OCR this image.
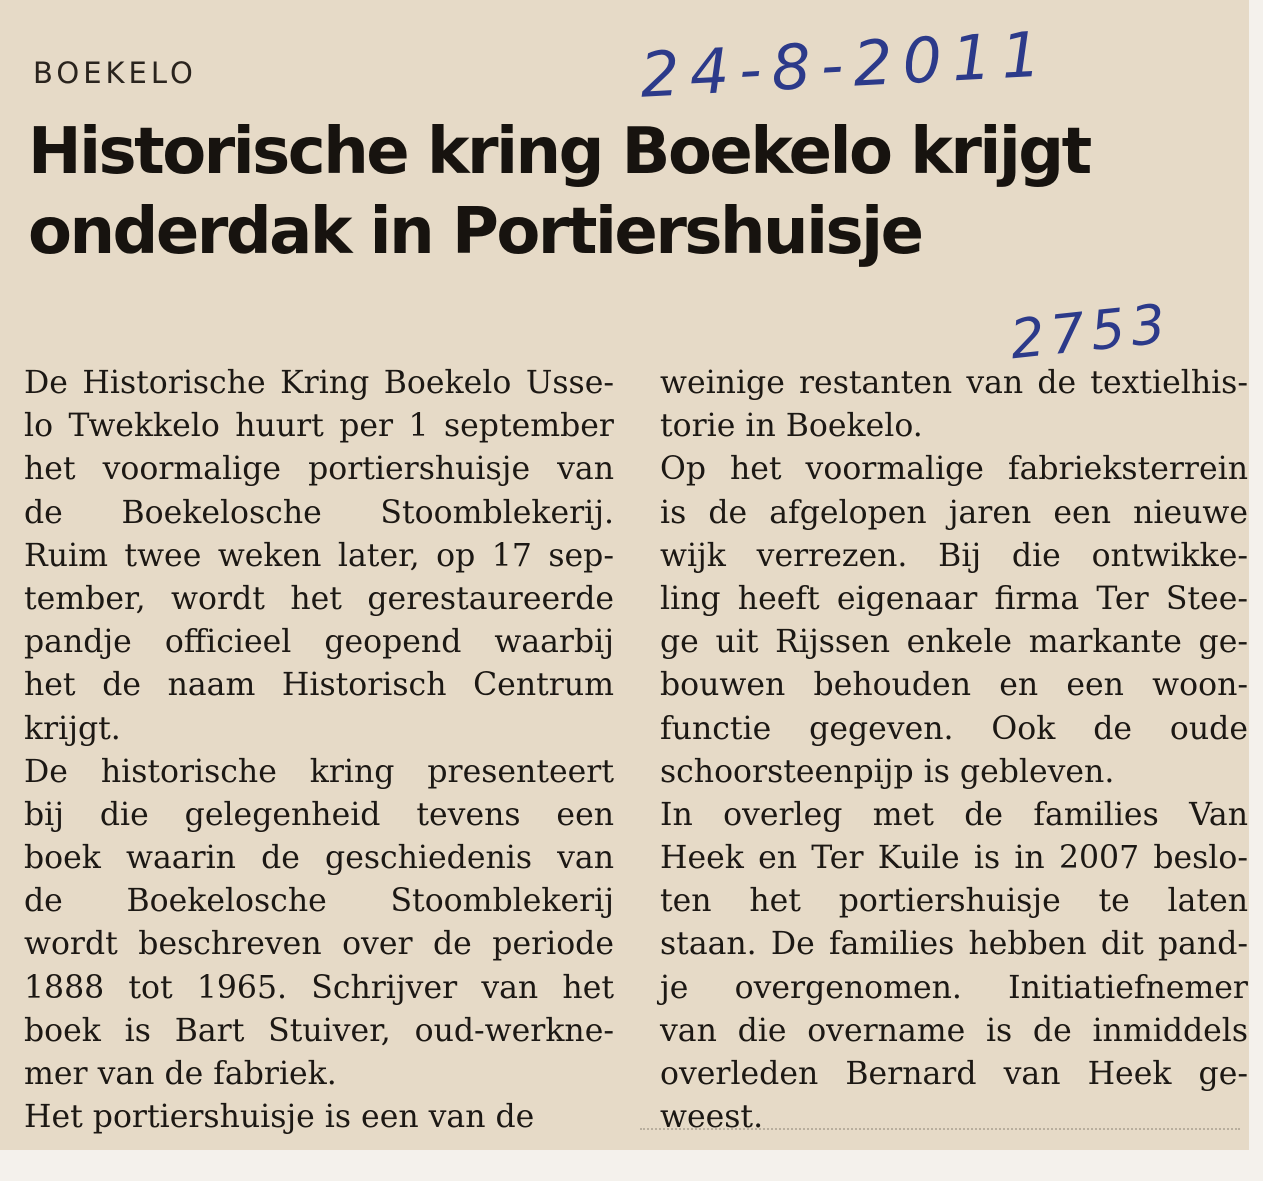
BOEKELO	24-8-2011
Historische kring Boekelo krijgt
onderdak in Portiershuisje
2753
De Historische Kring Boekelo Usse-
lo Twekkelo huurt per 1 september
het voormalige portiershuisje van
de Boekelosche Stoomblekerij.
Ruim twee weken later, op 17 sep-
tember, wordt het gerestaureerde
pandje officieel geopend waarbij
het de naam Historisch Centrum
krijgt.
De historische kring presenteert
bij die gelegenheid tevens een
boek waarin de geschiedenis van
de Boekelosche Stoomblekerij
wordt beschreven over de periode
1888 tot 1965. Schrijver van het
boek is Bart Stuiver, oud-werkne-
mer van de fabriek.
Het portiershuisje is een van de
weinige restanten van de textielhis-
torie in Boekelo.
Op het voormalige fabrieksterrein
is de afgelopen jaren een nieuwe
wijk verrezen. Bij die ontwikke-
ling heeft eigenaar firma Ter Stee-
ge uit Rijssen enkele markante ge-
bouwen behouden en een woon-
functie gegeven. Ook de oude
schoorsteenpijp is gebleven.
In overleg met de families Van
Heek en Ter Kuile is in 2007 beslo-
ten het portiershuisje te laten
staan. De families hebben dit pand-
je overgenomen. Initiatiefnemer
van die overname is de inmiddels
overleden Bernard van Heek ge-
weest.
